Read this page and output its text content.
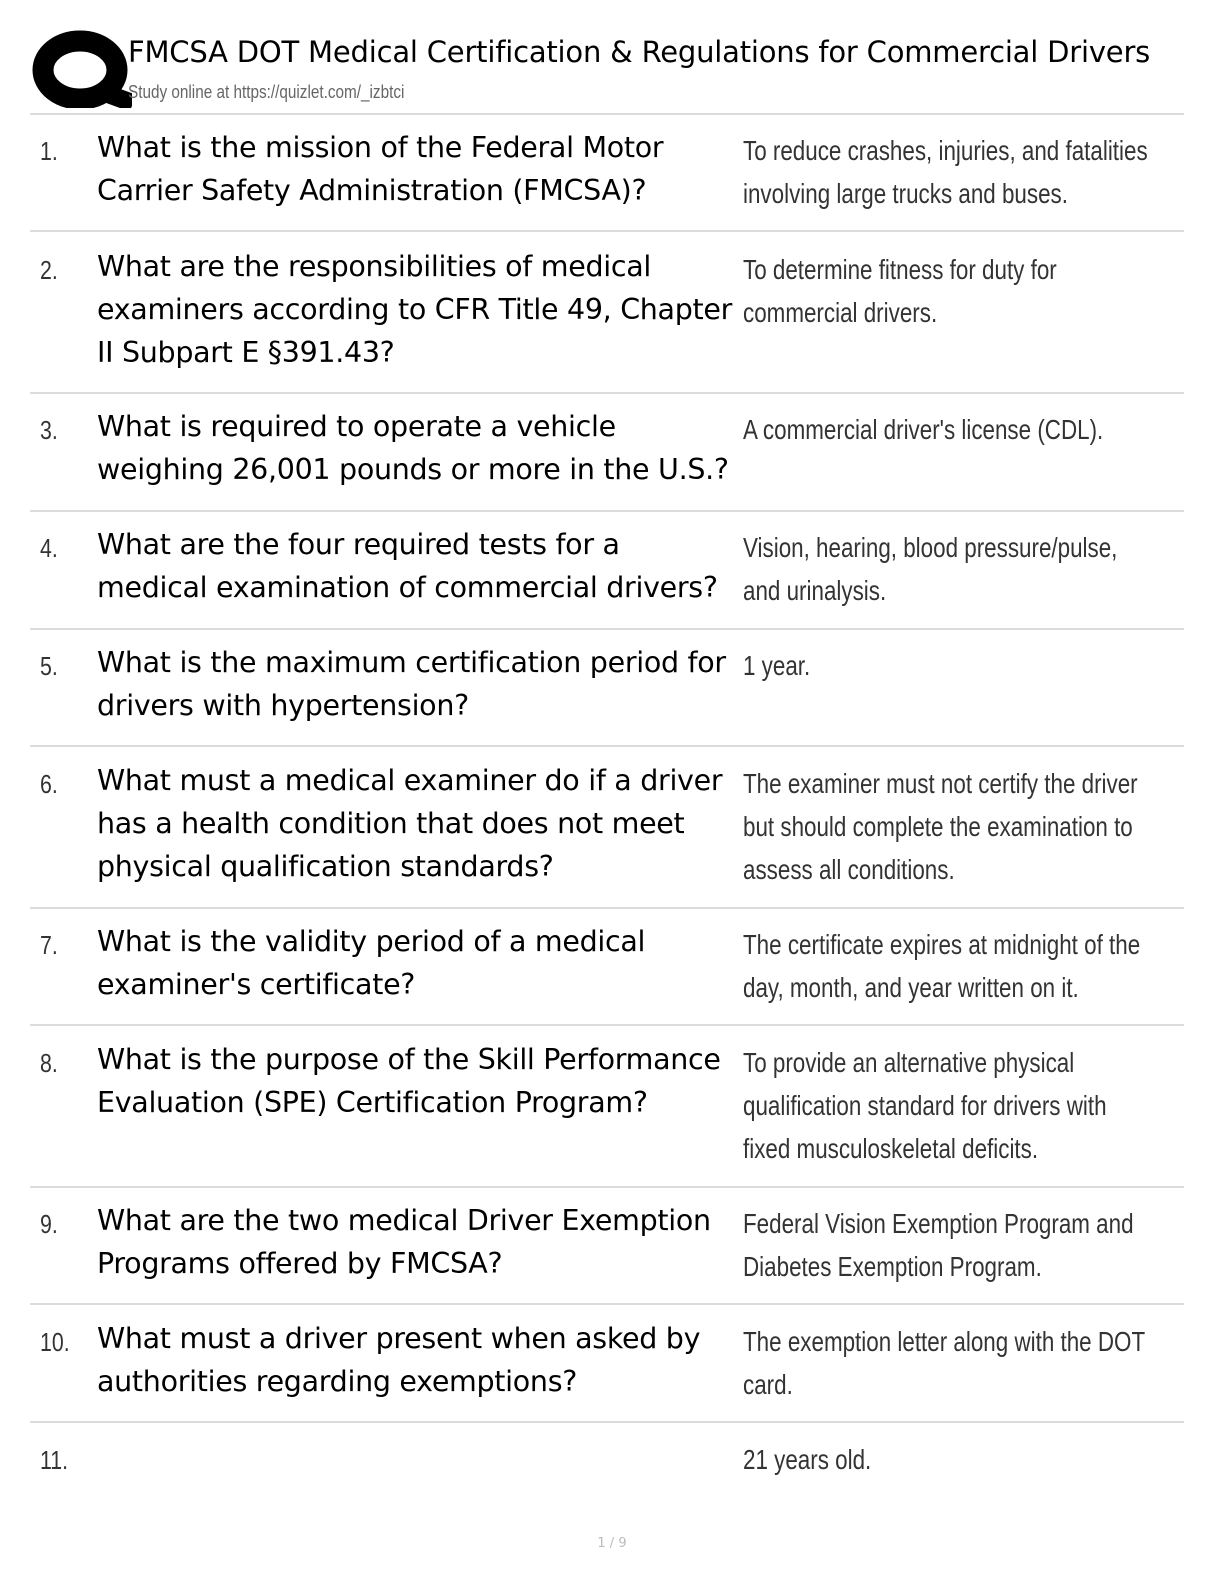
FMCSA DOT Medical Certification & Regulations for Commercial Drivers
Study online at https://quizlet.com/_izbtci
1. What is the mission of the Federal Motor Carrier Safety Administration (FMCSA)?
To reduce crashes, injuries, and fatalities involving large trucks and buses.
2. What are the responsibilities of medical examiners according to CFR Title 49, Chapter II Subpart E §391.43?
To determine fitness for duty for commercial drivers.
3. What is required to operate a vehicle weighing 26,001 pounds or more in the U.S.?
A commercial driver's license (CDL).
4. What are the four required tests for a medical examination of commercial drivers?
Vision, hearing, blood pressure/pulse, and urinalysis.
5. What is the maximum certification period for drivers with hypertension?
1 year.
6. What must a medical examiner do if a driver has a health condition that does not meet physical qualification standards?
The examiner must not certify the driver but should complete the examination to assess all conditions.
7. What is the validity period of a medical examiner's certificate?
The certificate expires at midnight of the day, month, and year written on it.
8. What is the purpose of the Skill Performance Evaluation (SPE) Certification Program?
To provide an alternative physical qualification standard for drivers with fixed musculoskeletal deficits.
9. What are the two medical Driver Exemption Programs offered by FMCSA?
Federal Vision Exemption Program and Diabetes Exemption Program.
10. What must a driver present when asked by authorities regarding exemptions?
The exemption letter along with the DOT card.
11.	21 years old.
1 / 9
